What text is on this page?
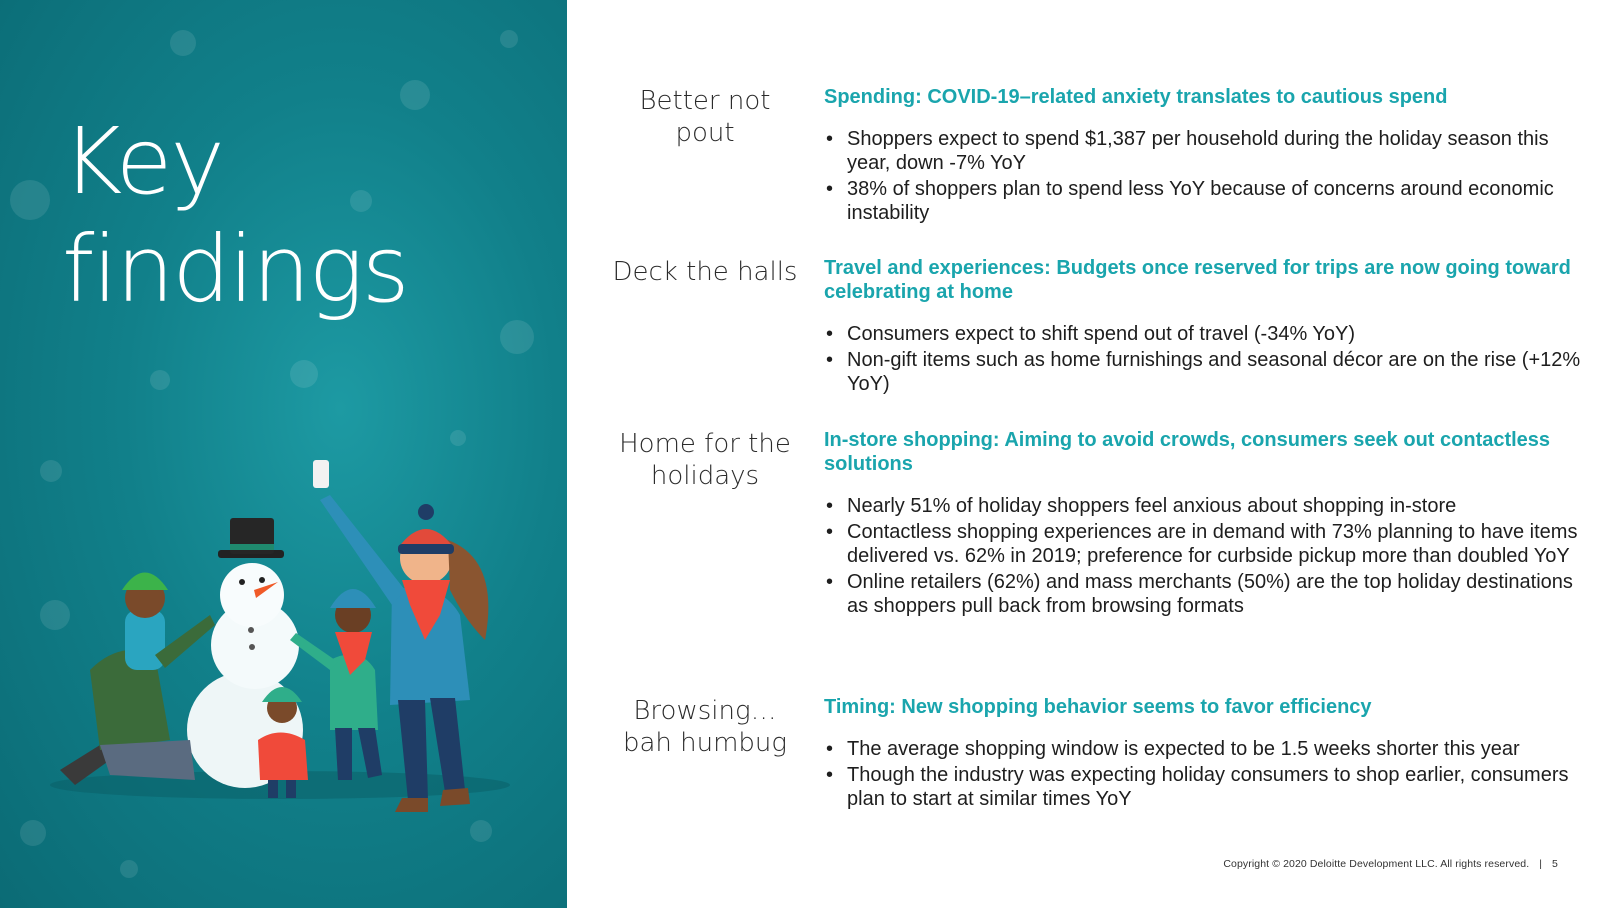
Key
findings
Better not pout
Spending: COVID-19–related anxiety translates to cautious spend
• Shoppers expect to spend $1,387 per household during the holiday season this year, down -7% YoY
• 38% of shoppers plan to spend less YoY because of concerns around economic instability
Deck the halls Travel and experiences: Budgets once reserved for trips are now going toward celebrating at home
• Consumers expect to shift spend out of travel (-34% YoY)
• Non-gift items such as home furnishings and seasonal décor are on the rise (+12% YoY)
Home for the holidays
In-store shopping: Aiming to avoid crowds, consumers seek out contactless solutions
• Nearly 51% of holiday shoppers feel anxious about shopping in-store
• Contactless shopping experiences are in demand with 73% planning to have items delivered vs. 62% in 2019; preference for curbside pickup more than doubled YoY
• Online retailers (62%) and mass merchants (50%) are the top holiday destinations as shoppers pull back from browsing formats
Browsing… bah humbug
Timing: New shopping behavior seems to favor efficiency
• The average shopping window is expected to be 1.5 weeks shorter this year
• Though the industry was expecting holiday consumers to shop earlier, consumers plan to start at similar times YoY
Copyright © 2020 Deloitte Development LLC. All rights reserved. | 5
